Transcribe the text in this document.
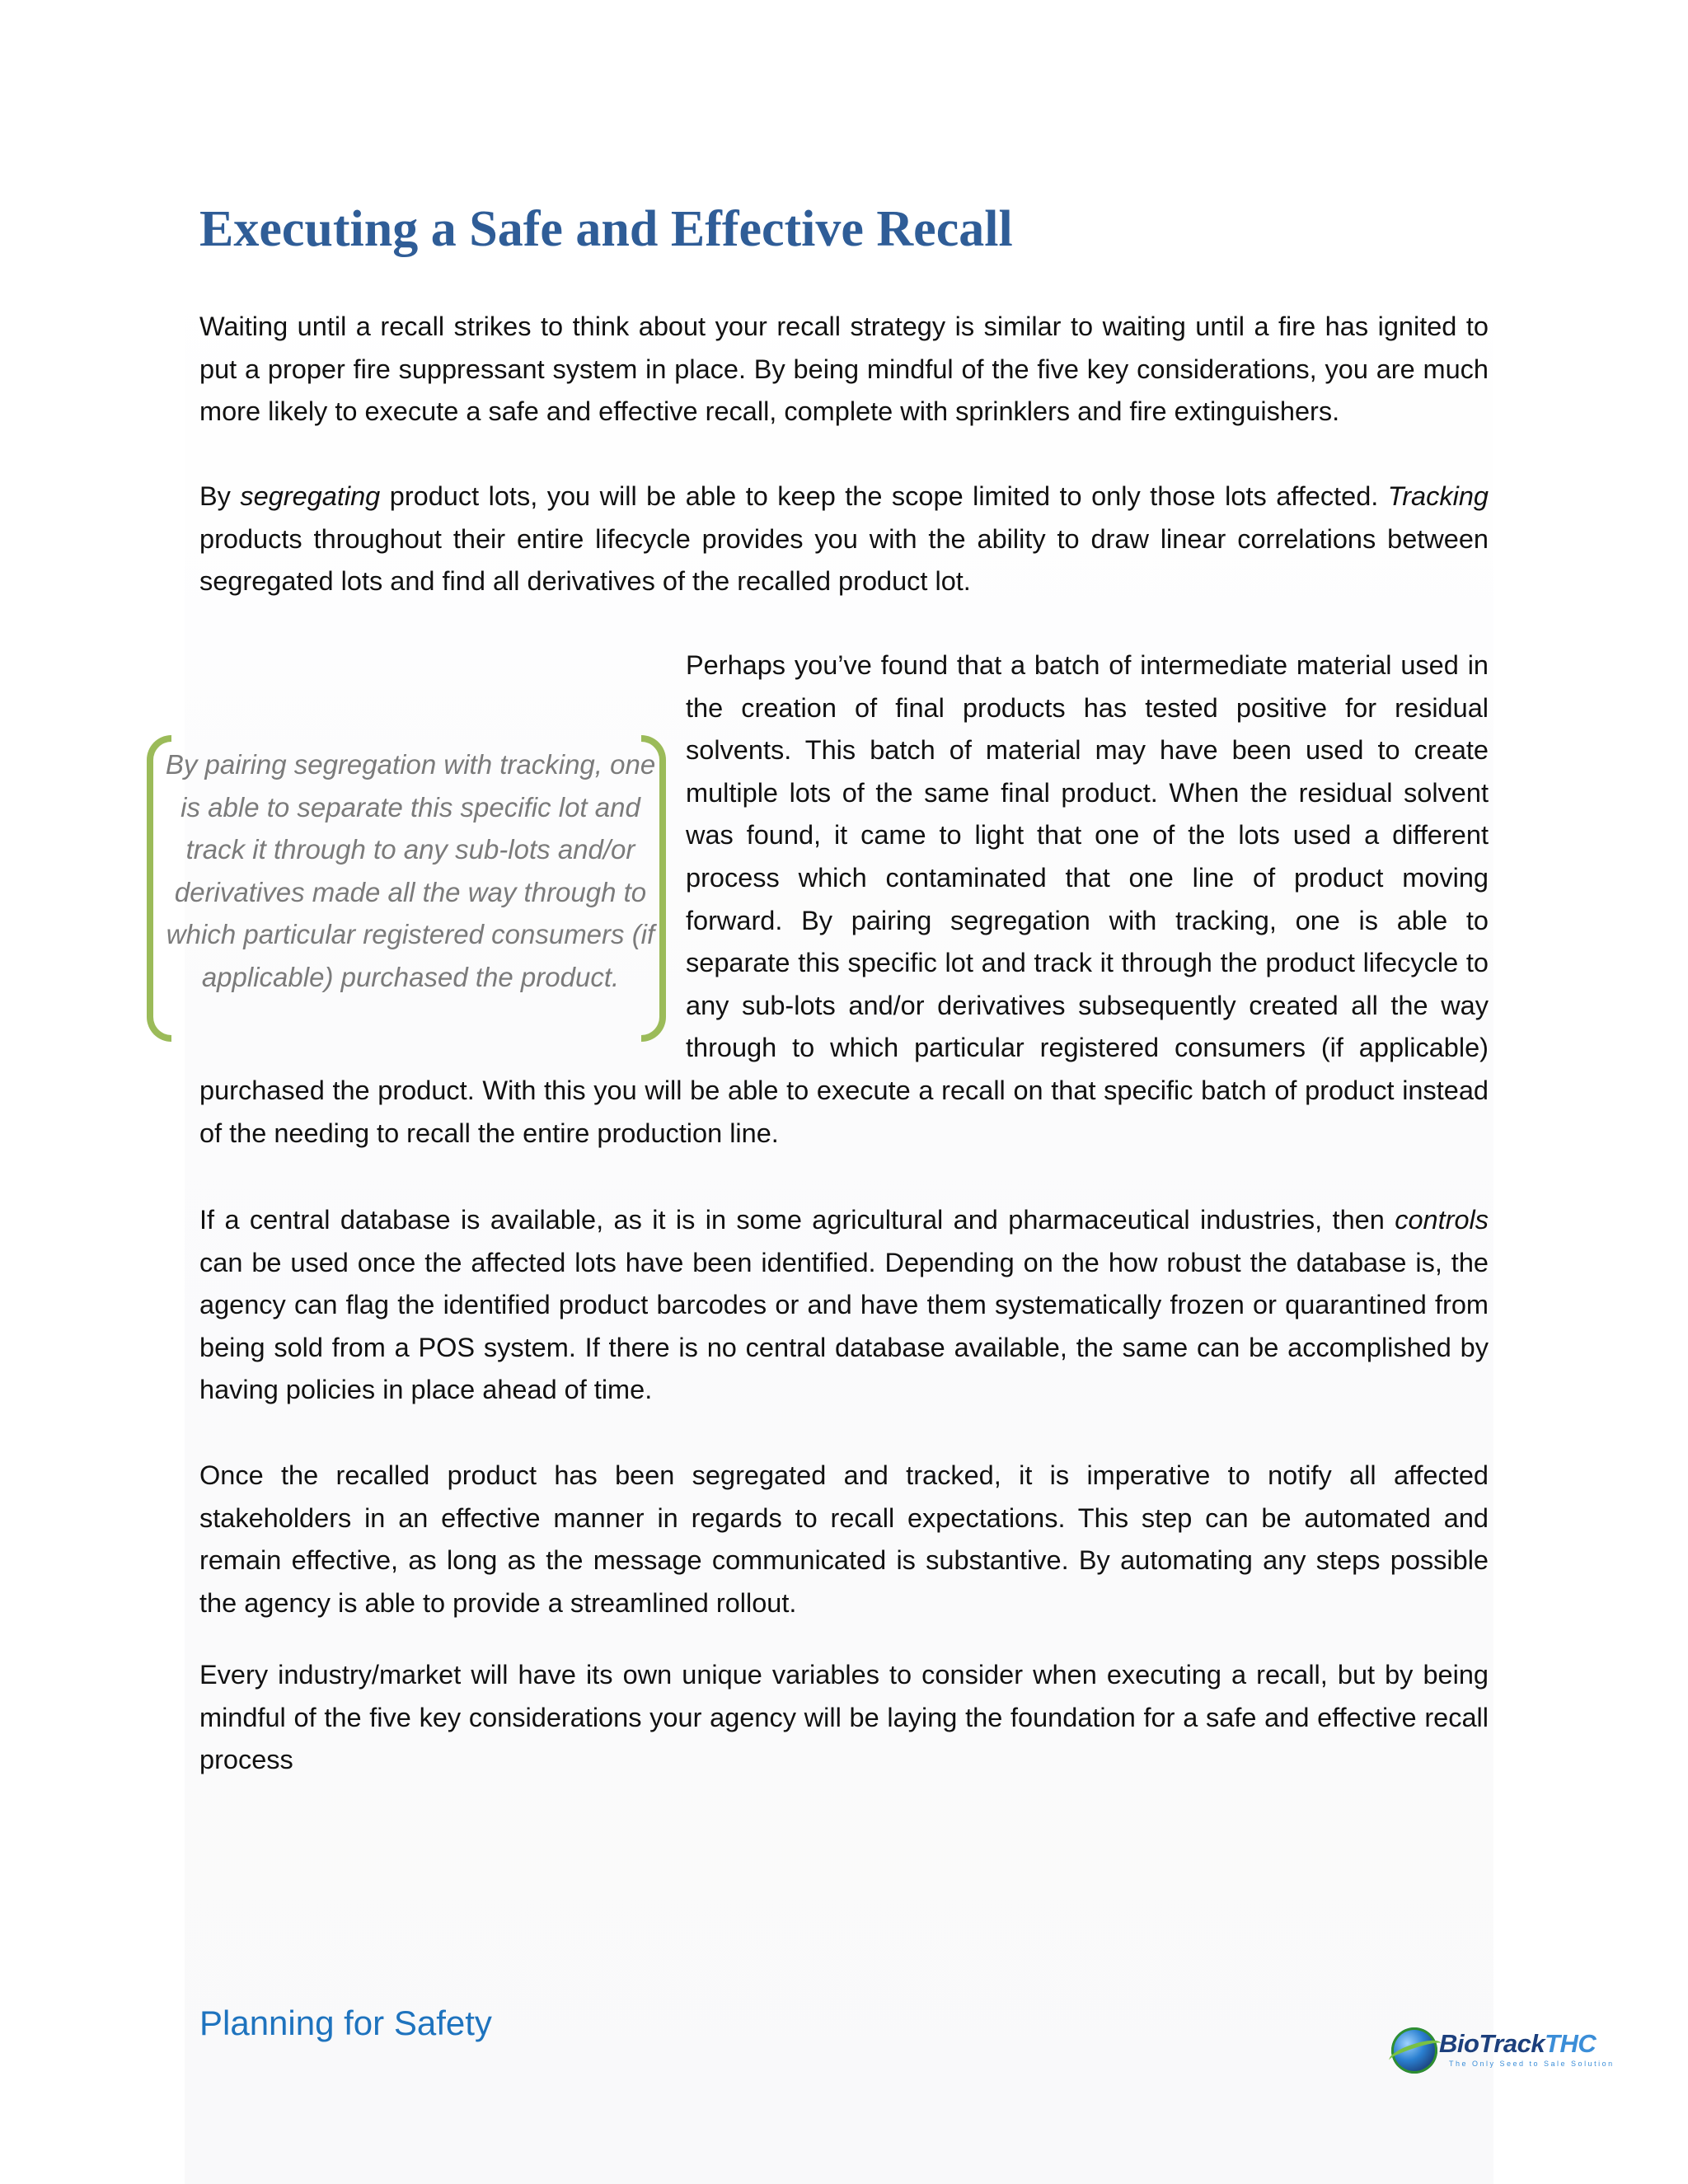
Executing a Safe and Effective Recall

Waiting until a recall strikes to think about your recall strategy is similar to waiting until a fire has ignited to put a proper fire suppressant system in place. By being mindful of the five key considerations, you are much more likely to execute a safe and effective recall, complete with sprinklers and fire extinguishers.

By segregating product lots, you will be able to keep the scope limited to only those lots affected. Tracking products throughout their entire lifecycle provides you with the ability to draw linear correlations between segregated lots and find all derivatives of the recalled product lot.

By pairing segregation with tracking, one is able to separate this specific lot and track it through to any sub-lots and/or derivatives made all the way through to which particular registered consumers (if applicable) purchased the product.
Perhaps you’ve found that a batch of intermediate material used in the creation of final products has tested positive for residual solvents. This batch of material may have been used to create multiple lots of the same final product. When the residual solvent was found, it came to light that one of the lots used a different process which contaminated that one line of product moving forward. By pairing segregation with tracking, one is able to separate this specific lot and track it through the product lifecycle to any sub-lots and/or derivatives subsequently created all the way through to which particular registered consumers (if applicable) purchased the product. With this you will be able to execute a recall on that specific batch of product instead of the needing to recall the entire production line.

If a central database is available, as it is in some agricultural and pharmaceutical industries, then controls can be used once the affected lots have been identified. Depending on the how robust the database is, the agency can flag the identified product barcodes or and have them systematically frozen or quarantined from being sold from a POS system. If there is no central database available, the same can be accomplished by having policies in place ahead of time.

Once the recalled product has been segregated and tracked, it is imperative to notify all affected stakeholders in an effective manner in regards to recall expectations. This step can be automated and remain effective, as long as the message communicated is substantive. By automating any steps possible the agency is able to provide a streamlined rollout.

Every industry/market will have its own unique variables to consider when executing a recall, but by being mindful of the five key considerations your agency will be laying the foundation for a safe and effective recall process

Planning for Safety
BioTrackTHC
The Only Seed to Sale Solution
